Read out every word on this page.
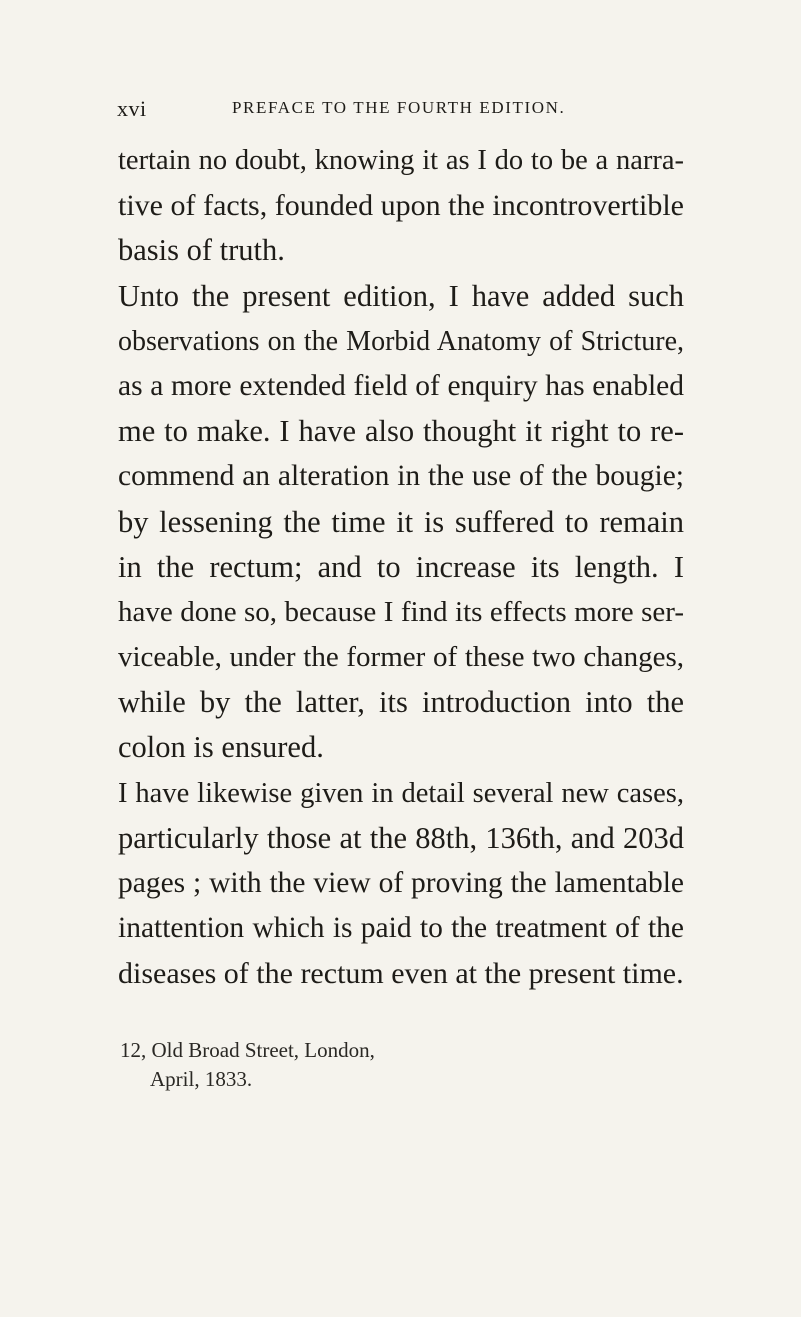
xvi	PREFACE TO THE FOURTH EDITION.
tertain no doubt, knowing it as I do to be a narra-
tive of facts, founded upon the incontrovertible
basis of truth.
Unto the present edition, I have added such
observations on the Morbid Anatomy of Stricture,
as a more extended field of enquiry has enabled
me to make. I have also thought it right to re-
commend an alteration in the use of the bougie;
by lessening the time it is suffered to remain
in the rectum; and to increase its length. I
have done so, because I find its effects more ser-
viceable, under the former of these two changes,
while by the latter, its introduction into the
colon is ensured.
I have likewise given in detail several new cases,
particularly those at the 88th, 136th, and 203d
pages ; with the view of proving the lamentable
inattention which is paid to the treatment of the
diseases of the rectum even at the present time.
12, Old Broad Street, London,
April, 1833.
